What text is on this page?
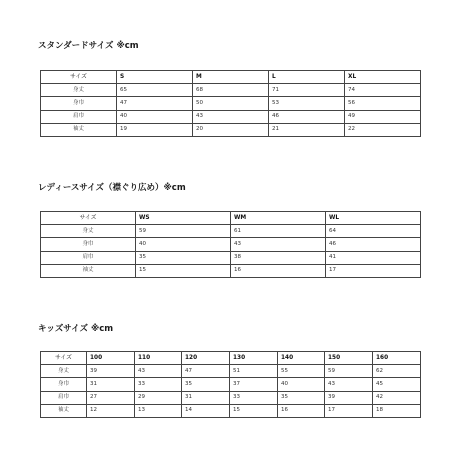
スタンダードサイズ ※cm
サイズ	S	M	L	XL
身丈	65	68	71	74
身巾	47	50	53	56
肩巾	40	43	46	49
袖丈	19	20	21	22
レディースサイズ（襟ぐり広め）※cm
サイズ	WS	WM	WL
身丈	59	61	64
身巾	40	43	46
肩巾	35	38	41
袖丈	15	16	17
キッズサイズ ※cm
サイズ	100	110	120	130	140	150	160
身丈	39	43	47	51	55	59	62
身巾	31	33	35	37	40	43	45
肩巾	27	29	31	33	35	39	42
袖丈	12	13	14	15	16	17	18
